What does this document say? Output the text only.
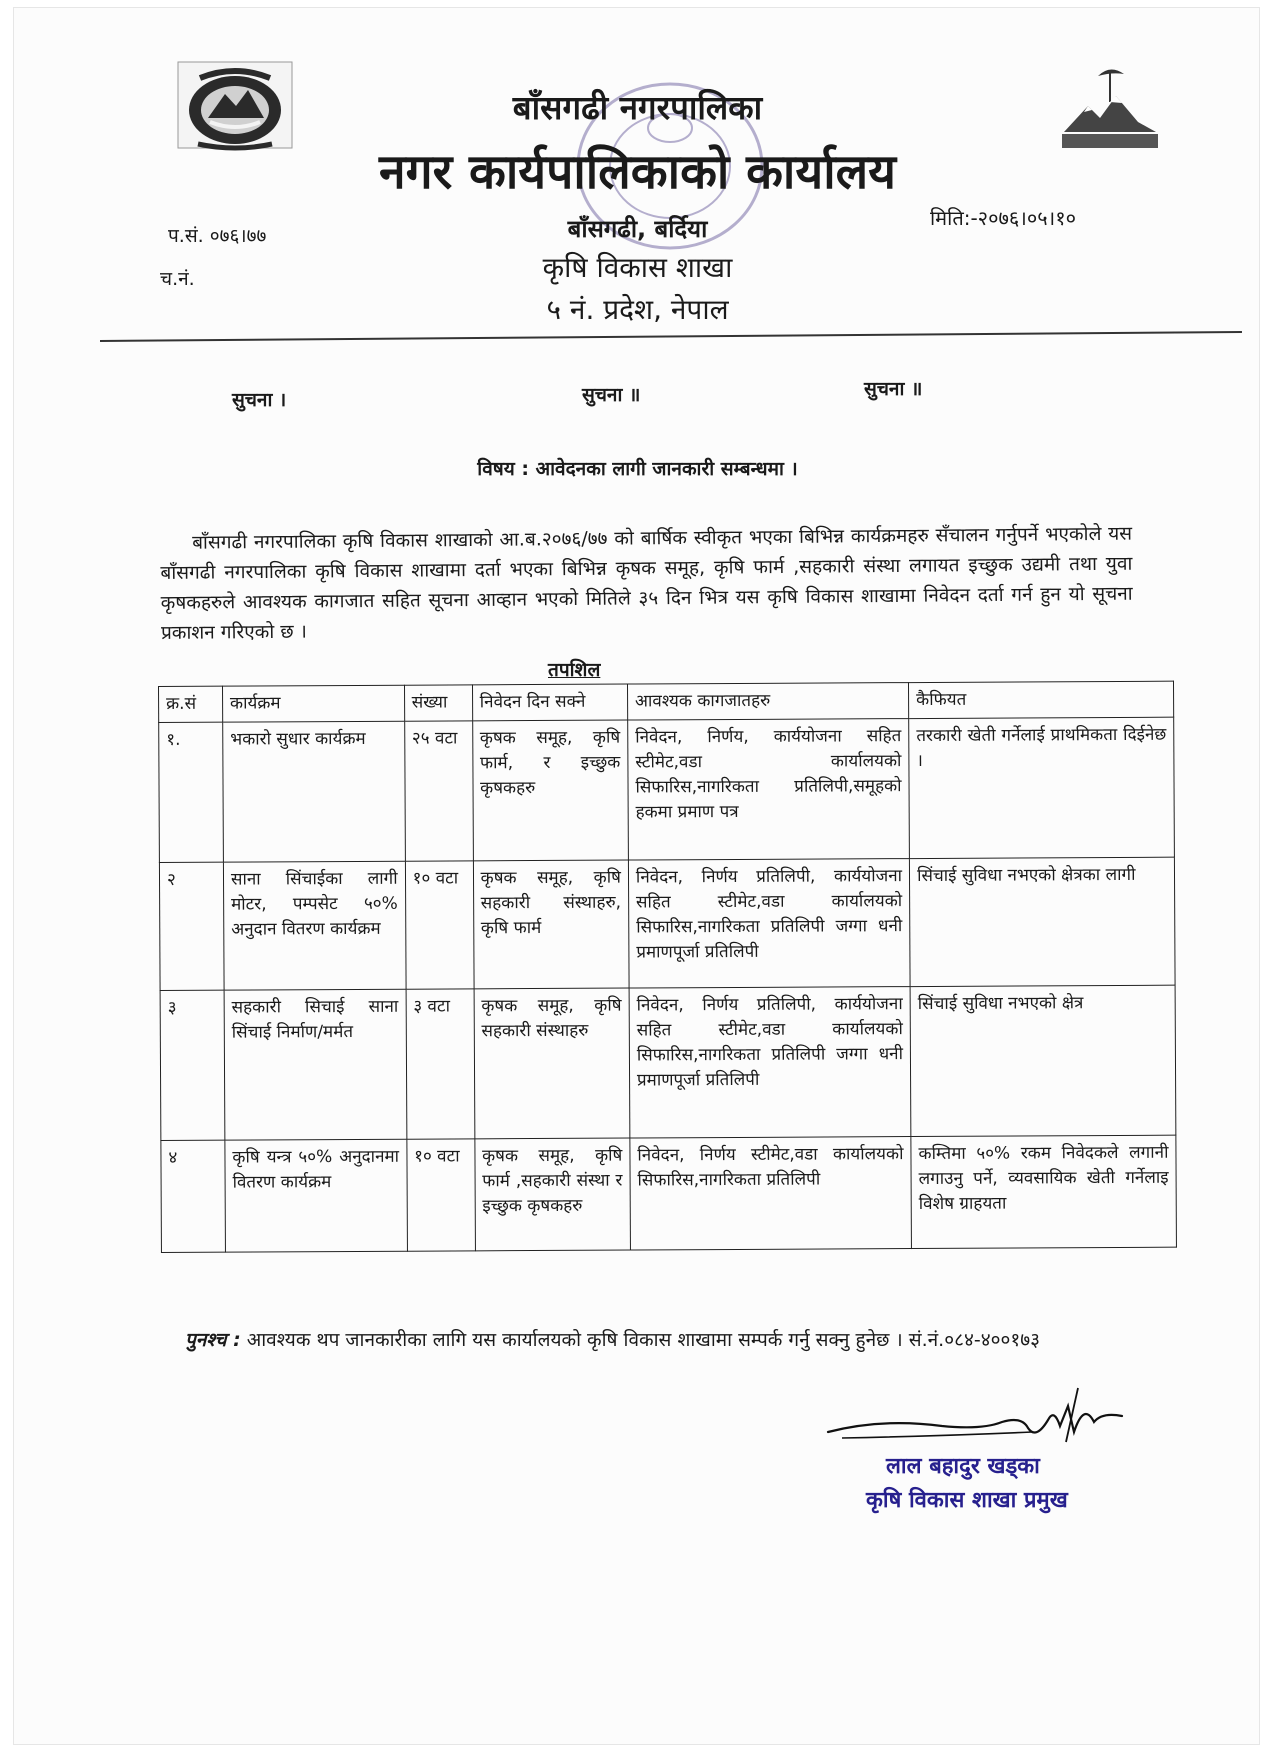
बाँसगढी नगरपालिका
नगर कार्यपालिकाको कार्यालय
बाँसगढी, बर्दिया
कृषि विकास शाखा
५ नं. प्रदेश, नेपाल
प.सं. ०७६।७७
च.नं.
मिति:-२०७६।०५।१०
सुचना ।	सुचना ॥	सुचना ॥
विषय : आवेदनका लागी जानकारी सम्बन्धमा ।
बाँसगढी नगरपालिका कृषि विकास शाखाको आ.ब.२०७६/७७ को बार्षिक स्वीकृत भएका बिभिन्न कार्यक्रमहरु सँचालन गर्नुपर्ने भएकोले यस बाँसगढी नगरपालिका कृषि विकास शाखामा दर्ता भएका बिभिन्न कृषक समूह, कृषि फार्म ,सहकारी संस्था लगायत इच्छुक उद्यमी तथा युवा कृषकहरुले आवश्यक कागजात सहित सूचना आव्हान भएको मितिले ३५ दिन भित्र यस कृषि विकास शाखामा निवेदन दर्ता गर्न हुन यो सूचना प्रकाशन गरिएको छ ।
तपशिल
क्र.सं	कार्यक्रम	संख्या	निवेदन दिन सक्ने	आवश्यक कागजातहरु	कैफियत
१.	भकारो सुधार कार्यक्रम	२५ वटा	कृषक समूह, कृषि फार्म, र इच्छुक कृषकहरु	निवेदन, निर्णय, कार्ययोजना सहित स्टीमेट,वडा कार्यालयको सिफारिस,नागरिकता प्रतिलिपी,समूहको हकमा प्रमाण पत्र	तरकारी खेती गर्नेलाई प्राथमिकता दिईनेछ ।
२	साना सिंचाईका लागी मोटर, पम्पसेट ५०% अनुदान वितरण कार्यक्रम	१० वटा	कृषक समूह, कृषि सहकारी संस्थाहरु, कृषि फार्म	निवेदन, निर्णय प्रतिलिपी, कार्ययोजना सहित स्टीमेट,वडा कार्यालयको सिफारिस,नागरिकता प्रतिलिपी जग्गा धनी प्रमाणपूर्जा प्रतिलिपी	सिंचाई सुविधा नभएको क्षेत्रका लागी
३	सहकारी सिचाई साना सिंचाई निर्माण/मर्मत	३ वटा	कृषक समूह, कृषि सहकारी संस्थाहरु	निवेदन, निर्णय प्रतिलिपी, कार्ययोजना सहित स्टीमेट,वडा कार्यालयको सिफारिस,नागरिकता प्रतिलिपी जग्गा धनी प्रमाणपूर्जा प्रतिलिपी	सिंचाई सुविधा नभएको क्षेत्र
४	कृषि यन्त्र ५०% अनुदानमा वितरण कार्यक्रम	१० वटा	कृषक समूह, कृषि फार्म ,सहकारी संस्था र इच्छुक कृषकहरु	निवेदन, निर्णय स्टीमेट,वडा कार्यालयको सिफारिस,नागरिकता प्रतिलिपी	कम्तिमा ५०% रकम निवेदकले लगानी लगाउनु पर्ने, व्यवसायिक खेती गर्नेलाइ विशेष ग्राहयता
पुनश्च : आवश्यक थप जानकारीका लागि यस कार्यालयको कृषि विकास शाखामा सम्पर्क गर्नु सक्नु हुनेछ । सं.नं.०८४-४००१७३
लाल बहादुर खड्का
कृषि विकास शाखा प्रमुख
